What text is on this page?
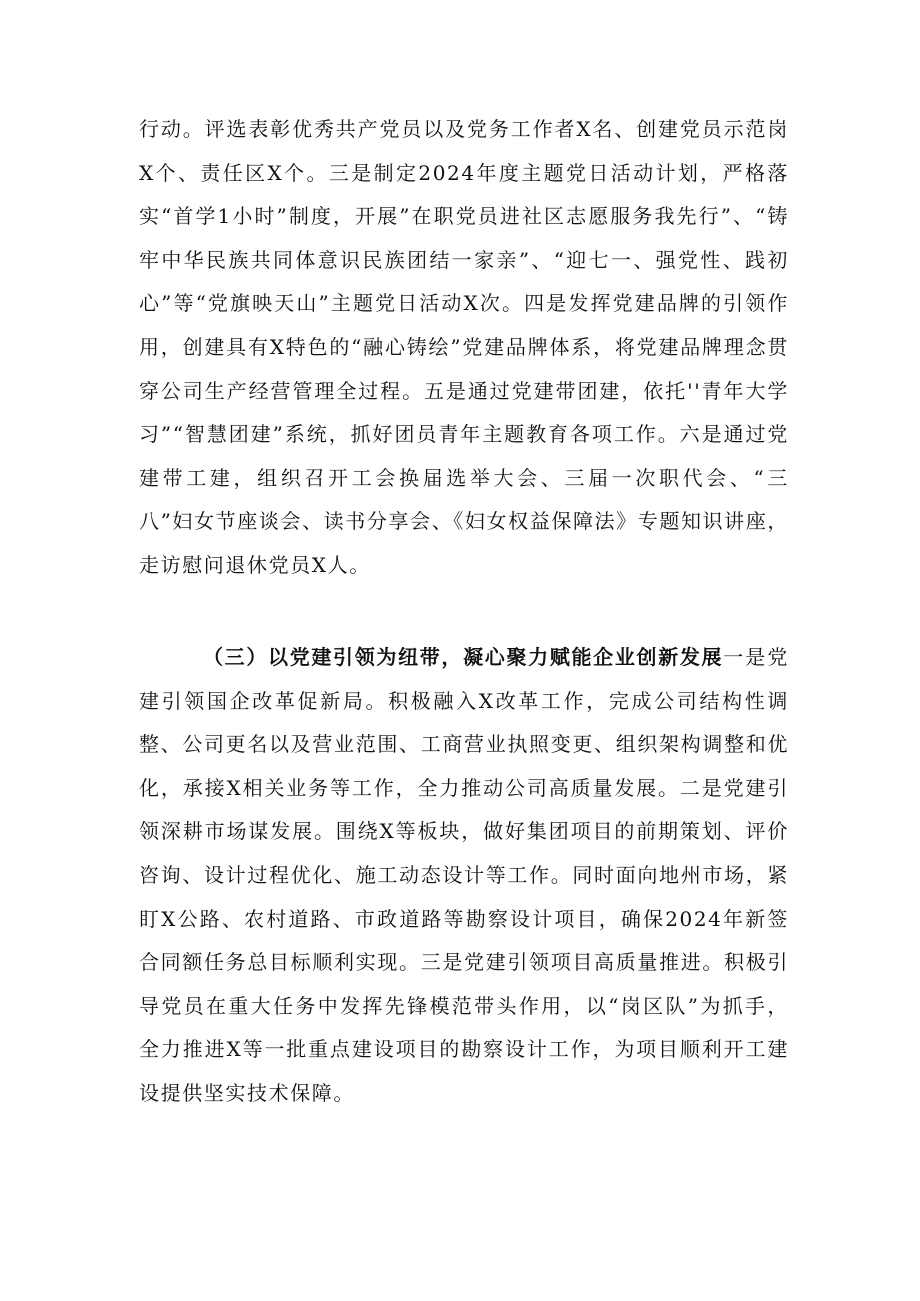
行动。评选表彰优秀共产党员以及党务工作者X名、创建党员示范岗X个、责任区X个。三是制定2024年度主题党日活动计划，严格落实“首学1小时”制度，开展”在职党员进社区志愿服务我先行”、“铸牢中华民族共同体意识民族团结一家亲”、“迎七一、强党性、践初心”等“党旗映天山”主题党日活动X次。四是发挥党建品牌的引领作用，创建具有X特色的“融心铸绘”党建品牌体系，将党建品牌理念贯穿公司生产经营管理全过程。五是通过党建带团建，依托''青年大学习”“智慧团建”系统，抓好团员青年主题教育各项工作。六是通过党建带工建，组织召开工会换届选举大会、三届一次职代会、“三八”妇女节座谈会、读书分享会、《妇女权益保障法》专题知识讲座，走访慰问退休党员X人。

（三）以党建引领为纽带，凝心聚力赋能企业创新发展一是党建引领国企改革促新局。积极融入X改革工作，完成公司结构性调整、公司更名以及营业范围、工商营业执照变更、组织架构调整和优化，承接X相关业务等工作，全力推动公司高质量发展。二是党建引领深耕市场谋发展。围绕X等板块，做好集团项目的前期策划、评价咨询、设计过程优化、施工动态设计等工作。同时面向地州市场，紧盯X公路、农村道路、市政道路等勘察设计项目，确保2024年新签合同额任务总目标顺利实现。三是党建引领项目高质量推进。积极引导党员在重大任务中发挥先锋模范带头作用，以“岗区队”为抓手，全力推进X等一批重点建设项目的勘察设计工作，为项目顺利开工建设提供坚实技术保障。
